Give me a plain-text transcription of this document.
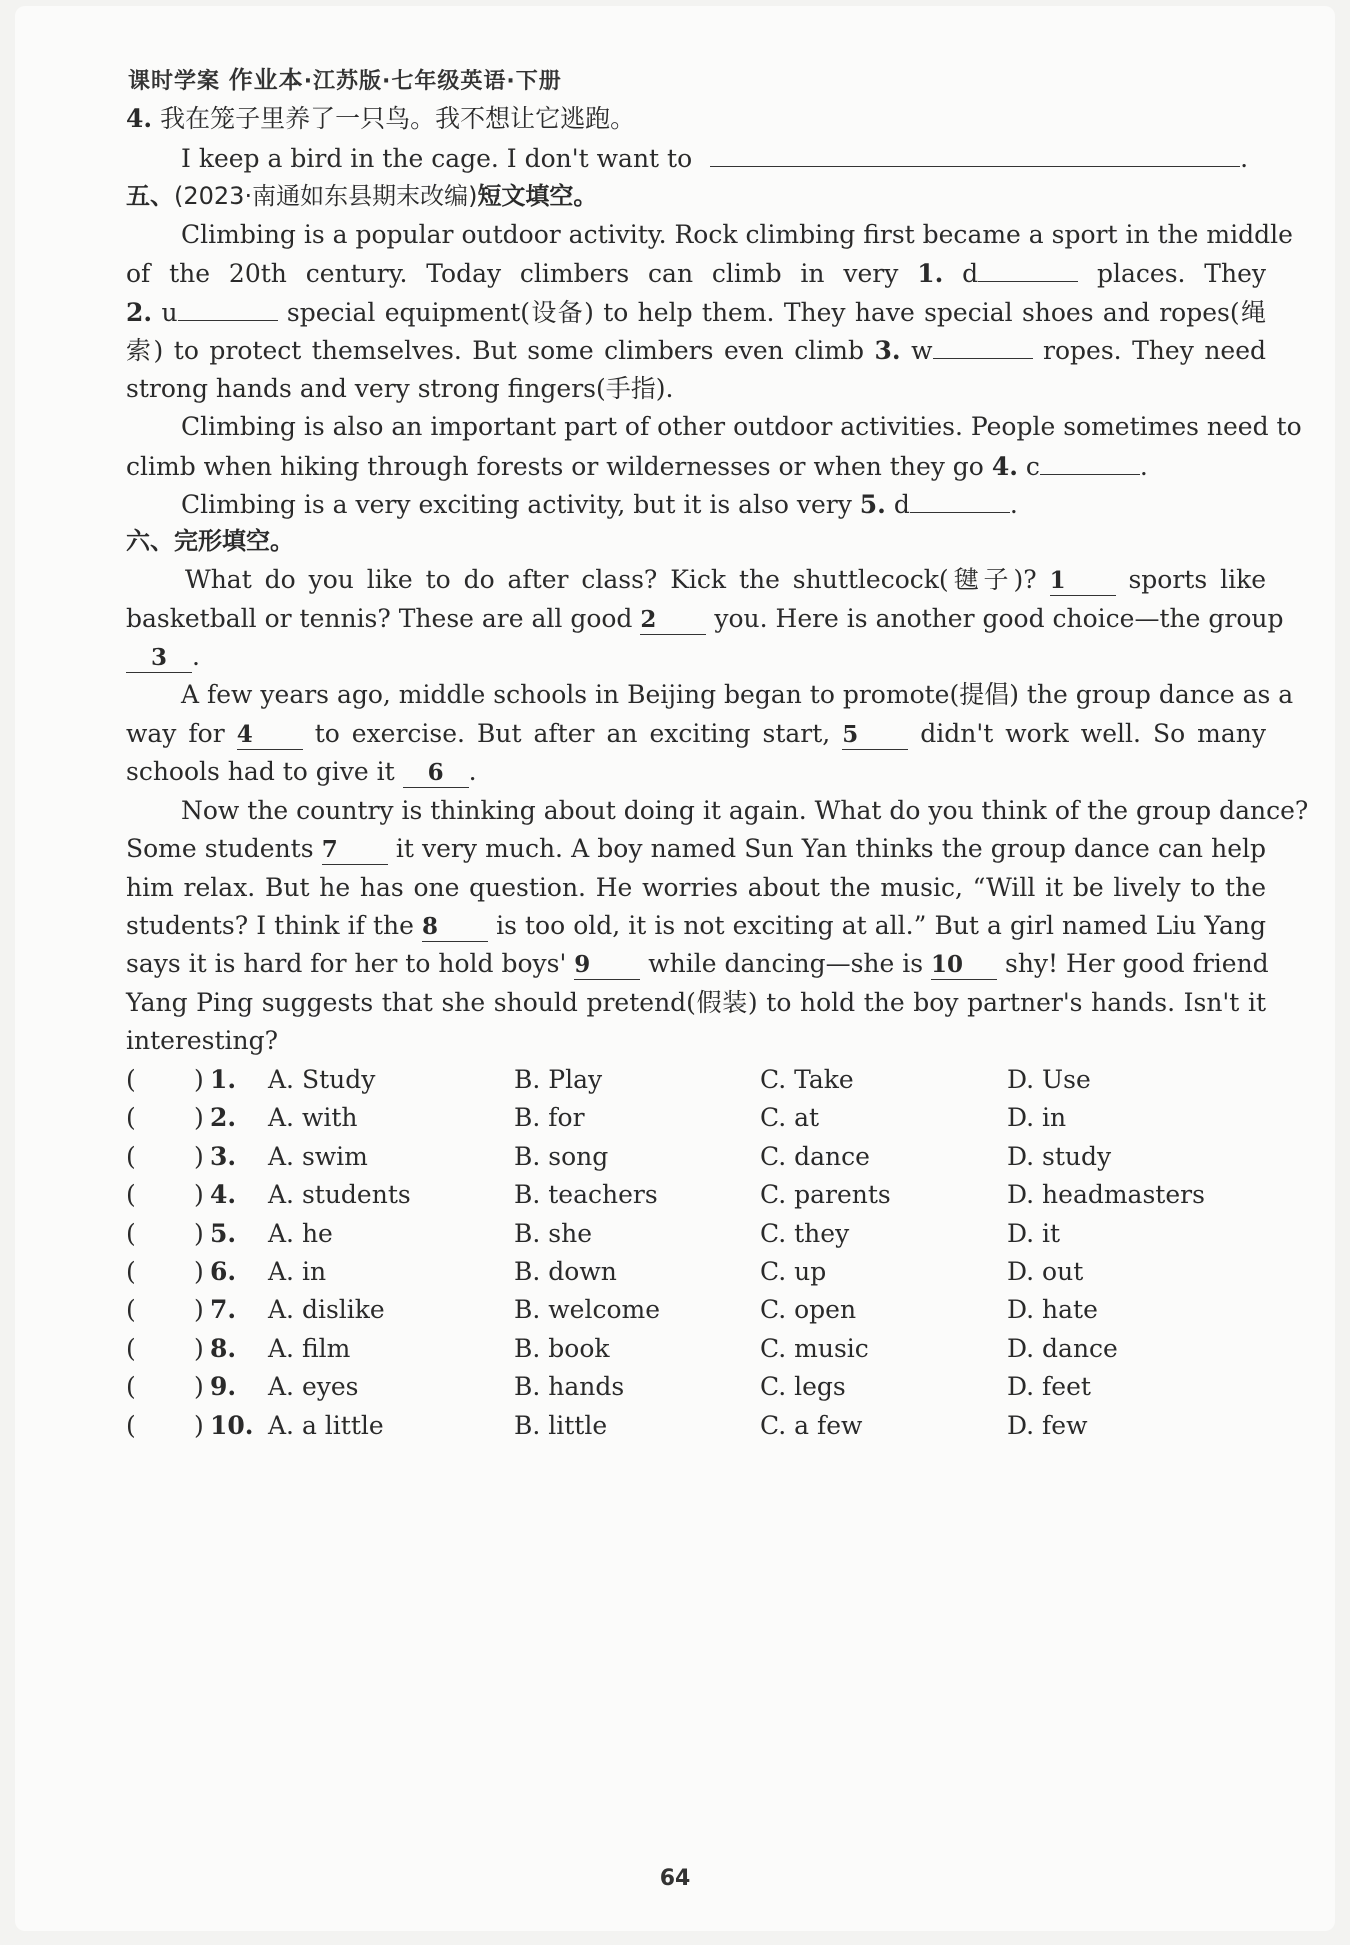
课时学案 作业本·江苏版·七年级英语·下册
4. 我在笼子里养了一只鸟。我不想让它逃跑。
I keep a bird in the cage. I don't want to	.
五、(2023·南通如东县期末改编)短文填空。
Climbing is a popular outdoor activity. Rock climbing first became a sport in the middle
of the 20th century. Today climbers can climb in very 1. d	places. They
2. u	special equipment(设备) to help them. They have special shoes and ropes(绳
索) to protect themselves. But some climbers even climb 3. w	ropes. They need
strong hands and very strong fingers(手指).
Climbing is also an important part of other outdoor activities. People sometimes need to
climb when hiking through forests or wildernesses or when they go 4. c	.
Climbing is a very exciting activity, but it is also very 5. d	.
六、完形填空。
What do you like to do after class? Kick the shuttlecock(毽子)? 1	sports like
basketball or tennis? These are all good 2 you. Here is another good choice—the group
3 .
A few years ago, middle schools in Beijing began to promote(提倡) the group dance as a
way for 4 to exercise. But after an exciting start, 5 didn't work well. So many
schools had to give it 6 .
Now the country is thinking about doing it again. What do you think of the group dance?
Some students 7 it very much. A boy named Sun Yan thinks the group dance can help
him relax. But he has one question. He worries about the music, “Will it be lively to the
students? I think if the 8 is too old, it is not exciting at all.” But a girl named Liu Yang
says it is hard for her to hold boys' 9 while dancing—she is 10 shy! Her good friend
Yang Ping suggests that she should pretend(假装) to hold the boy partner's hands. Isn't it
interesting?
( ) 1. A. Study	B. Play	C. Take	D. Use
( ) 2. A. with	B. for	C. at	D. in
( ) 3. A. swim	B. song	C. dance	D. study
( ) 4. A. students	B. teachers	C. parents	D. headmasters
( ) 5. A. he	B. she	C. they	D. it
( ) 6. A. in	B. down	C. up	D. out
( ) 7. A. dislike	B. welcome	C. open	D. hate
( ) 8. A. film	B. book	C. music	D. dance
( ) 9. A. eyes	B. hands	C. legs	D. feet
( ) 10. A. a little	B. little	C. a few	D. few
64
